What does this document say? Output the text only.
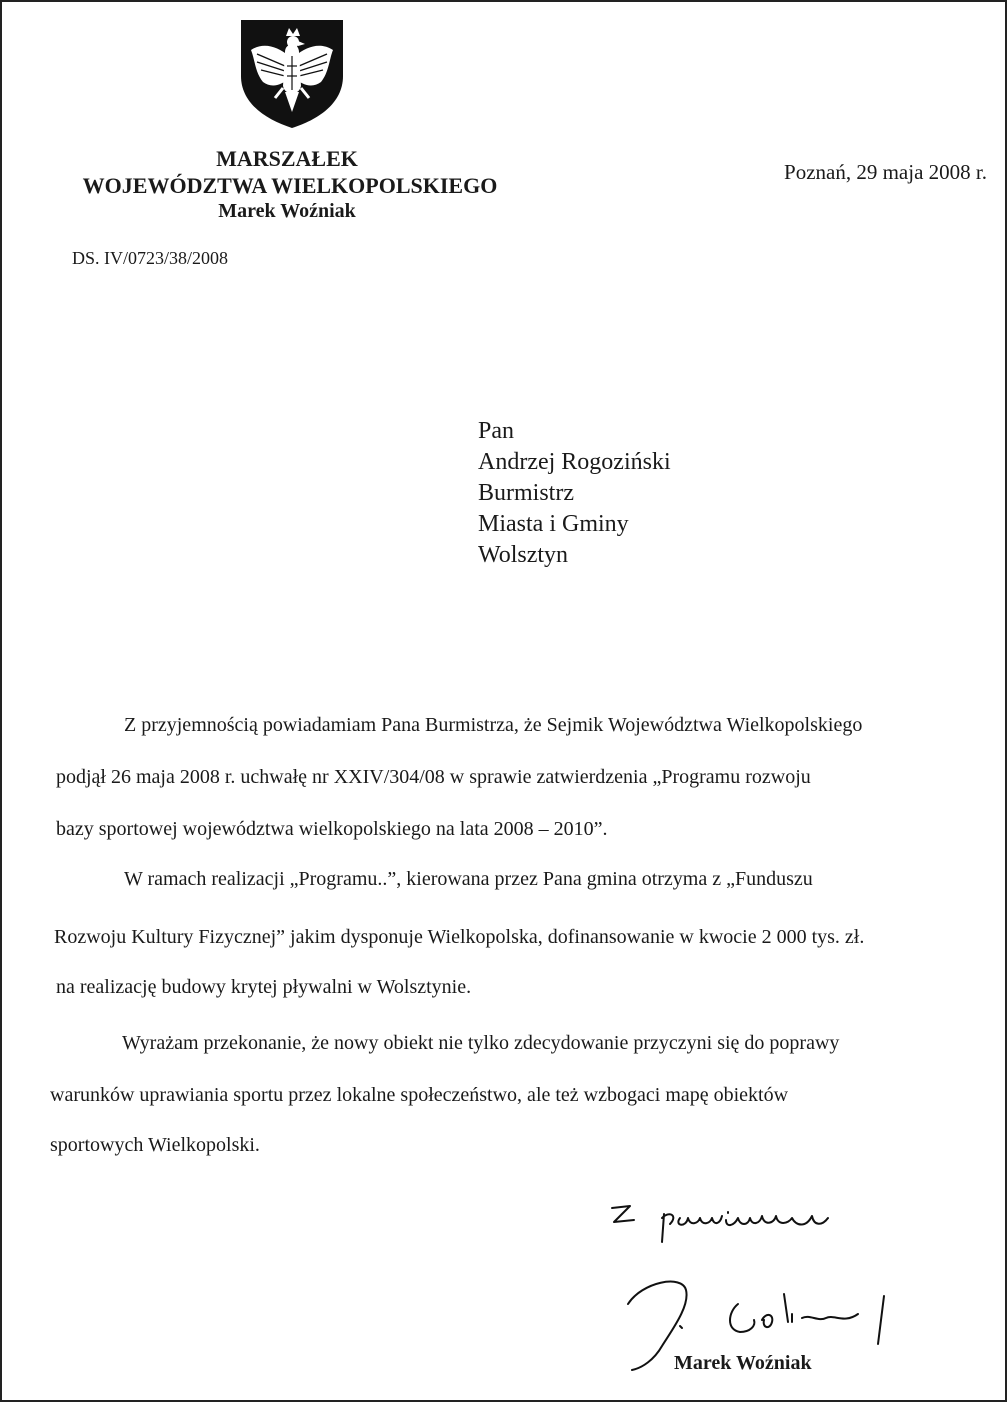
MARSZAŁEK
WOJEWÓDZTWA WIELKOPOLSKIEGO
Marek Woźniak
Poznań, 29 maja 2008 r.
DS. IV/0723/38/2008
Pan
Andrzej Rogoziński
Burmistrz
Miasta i Gminy
Wolsztyn
Z przyjemnością powiadamiam Pana Burmistrza, że Sejmik Województwa Wielkopolskiego
podjął 26 maja 2008 r. uchwałę nr XXIV/304/08 w sprawie zatwierdzenia „Programu rozwoju
bazy sportowej województwa wielkopolskiego na lata 2008 – 2010”.
W ramach realizacji „Programu..”, kierowana przez Pana gmina otrzyma z „Funduszu
Rozwoju Kultury Fizycznej” jakim dysponuje Wielkopolska, dofinansowanie w kwocie 2 000 tys. zł.
na realizację budowy krytej pływalni w Wolsztynie.
Wyrażam przekonanie, że nowy obiekt nie tylko zdecydowanie przyczyni się do poprawy
warunków uprawiania sportu przez lokalne społeczeństwo, ale też wzbogaci mapę obiektów
sportowych Wielkopolski.
Marek Woźniak
